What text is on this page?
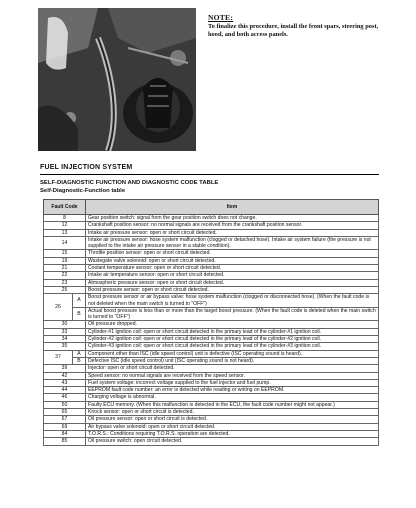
NOTE:
To finalize this procedure, install the front spars, steering post, hood, and both access panels.
FUEL INJECTION SYSTEM
SELF-DIAGNOSTIC FUNCTION AND DIAGNOSTIC CODE TABLE
Self-Diagnostic-Function table
Fault Code		Item
8		Gear position switch: signal from the gear position switch does not change.
12		Crankshaft position sensor: no normal signals are received from the crankshaft position sensor.
13		Intake air pressure sensor: open or short circuit detected.
14		Intake air pressure sensor: hose system malfunction (clogged or detached hose). Intake air system failure (the pressure is not supplied to the intake air pressure sensor in a stable condition).
15		Throttle position sensor: open or short circuit detected.
19		Wastegate valve solenoid: open or short circuit detected.
21		Coolant temperature sensor: open or short circuit detected.
22		Intake air temperature sensor: open or short circuit detected.
23		Atmospheric pressure sensor: open or short circuit detected.
25		Boost pressure sensor: open or short circuit detected.
26	A	Boost pressure sensor or air bypass valve: hose system malfunction (clogged or disconnected hose). (When the fault code is not deleted when the main switch is turned to "OFF")
	B	Actual boost pressure is less than or more than the target boost pressure. (When the fault code is deleted when the main switch is turned to "OFF")
30		Oil pressure dropped.
33		Cylinder-#1 ignition coil: open or short circuit detected in the primary lead of the cylinder-#1 ignition coil.
34		Cylinder-#2 ignition coil: open or short circuit detected in the primary lead of the cylinder-#2 ignition coil.
35		Cylinder-#3 ignition coil: open or short circuit detected in the primary lead of the cylinder-#3 ignition coil.
37	A	Component other than ISC (idle speed control) unit is defective (ISC operating sound is heard).
	B	Defective ISC (idle speed control) unit (ISC operating sound is not heard).
39		Injector: open or short circuit detected.
42		Speed sensor: no normal signals are received from the speed sensor.
43		Fuel system voltage: incorrect voltage supplied to the fuel injector and fuel pump.
44		EEPROM fault code number: an error is detected while reading or writing on EEPROM.
46		Charging voltage is abnormal.
50		Faulty ECU memory. (When this malfunction is detected in the ECU, the fault code number might not appear.)
65		Knock sensor: open or short circuit is detected.
67		Oil pressure sensor: open or short circuit is detected.
69		Air bypass valve solenoid: open or short circuit detected.
84		T.O.R.S.: Conditions requiring T.O.R.S. operation are detected.
85		Oil pressure switch: open circuit detected.
